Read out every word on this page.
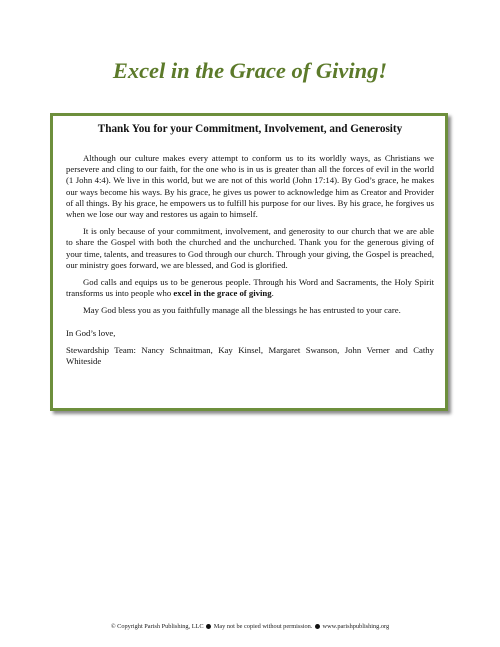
Excel in the Grace of Giving!
Thank You for your Commitment, Involvement, and Generosity

Although our culture makes every attempt to conform us to its worldly ways, as Christians we persevere and cling to our faith, for the one who is in us is greater than all the forces of evil in the world (1 John 4:4). We live in this world, but we are not of this world (John 17:14). By God’s grace, he makes our ways become his ways. By his grace, he gives us power to acknowledge him as Creator and Provider of all things. By his grace, he empowers us to fulfill his purpose for our lives. By his grace, he forgives us when we lose our way and restores us again to himself.

It is only because of your commitment, involvement, and generosity to our church that we are able to share the Gospel with both the churched and the unchurched. Thank you for the generous giving of your time, talents, and treasures to God through our church. Through your giving, the Gospel is preached, our ministry goes forward, we are blessed, and God is glorified.

God calls and equips us to be generous people. Through his Word and Sacraments, the Holy Spirit transforms us into people who excel in the grace of giving.

May God bless you as you faithfully manage all the blessings he has entrusted to your care.

In God’s love,

Stewardship Team: Nancy Schnaitman, Kay Kinsel, Margaret Swanson, John Verner and Cathy Whiteside

© Copyright Parish Publishing, LLC May not be copied without permission. www.parishpublishing.org
